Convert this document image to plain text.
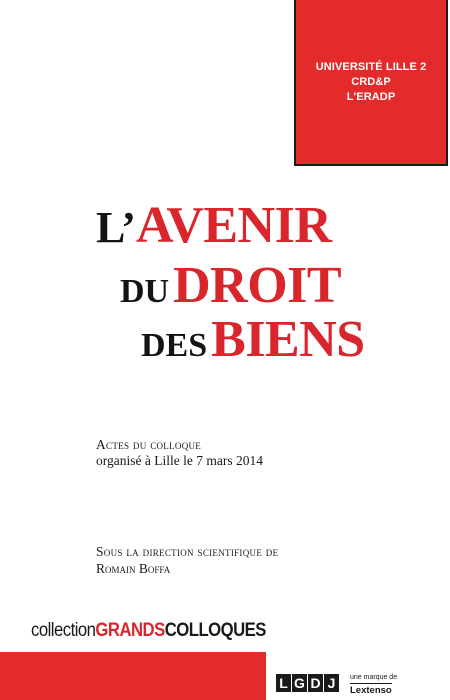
UNIVERSITÉ LILLE 2
CRD&P
L'ERADP
L’AVENIR
DU DROIT
DES BIENS
Actes du colloque
organisé à Lille le 7 mars 2014
Sous la direction scientifique de
Romain Boffa
collectionGRANDSCOLLOQUES
L G D J	une marque de
Lextenso
